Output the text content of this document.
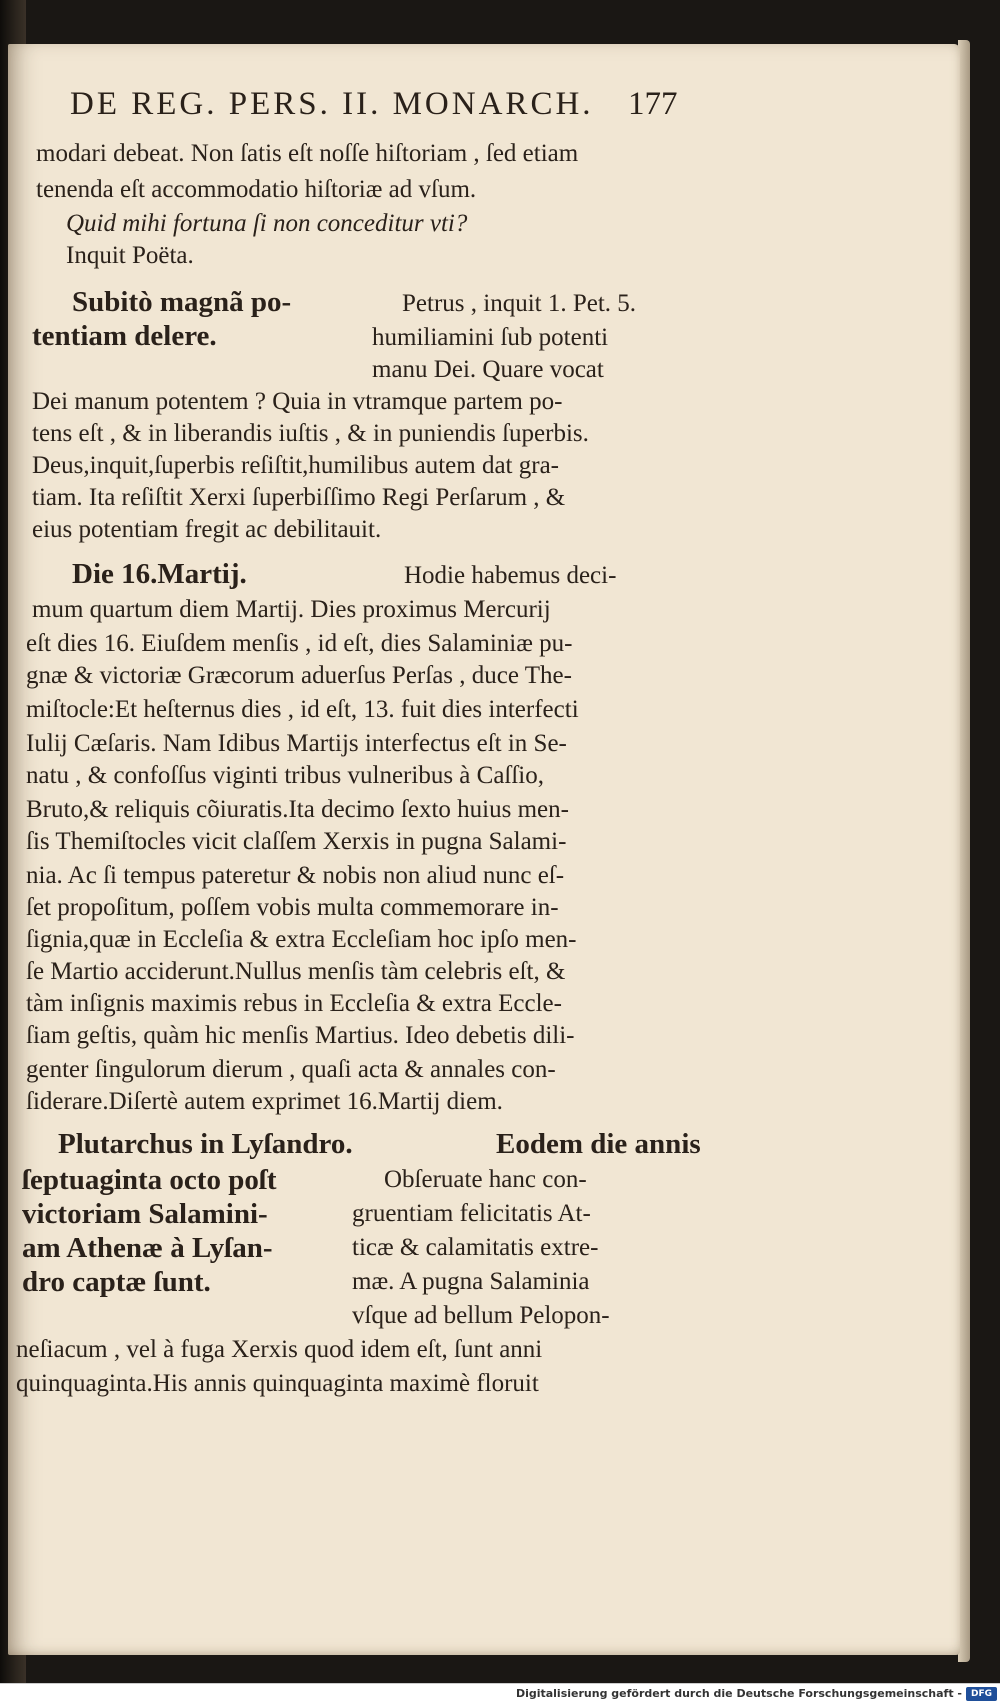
DE REG. PERS. II. MONARCH. 177
modari debeat. Non ſatis eſt noſſe hiſtoriam , ſed etiam
tenenda eſt accommodatio hiſtoriæ ad vſum.
Quid mihi fortuna ſi non conceditur vti?
Inquit Poëta.
Subitò magnã po-
tentiam delere.
Petrus , inquit 1. Pet. 5.
humiliamini ſub potenti
manu Dei. Quare vocat
Dei manum potentem ? Quia in vtramque partem po-
tens eſt , & in liberandis iuſtis , & in puniendis ſuperbis.
Deus,inquit,ſuperbis reſiſtit,humilibus autem dat gra-
tiam. Ita reſiſtit Xerxi ſuperbiſſimo Regi Perſarum , &
eius potentiam fregit ac debilitauit.
Die 16.Martij.	Hodie habemus deci-
mum quartum diem Martij. Dies proximus Mercurij
eſt dies 16. Eiuſdem menſis , id eſt, dies Salaminiæ pu-
gnæ & victoriæ Græcorum aduerſus Perſas , duce The-
miſtocle:Et heſternus dies , id eſt, 13. fuit dies interfecti
Iulij Cæſaris. Nam Idibus Martijs interfectus eſt in Se-
natu , & confoſſus viginti tribus vulneribus à Caſſio,
Bruto,& reliquis cõiuratis.Ita decimo ſexto huius men-
ſis Themiſtocles vicit claſſem Xerxis in pugna Salami-
nia. Ac ſi tempus pateretur & nobis non aliud nunc eſ-
ſet propoſitum, poſſem vobis multa commemorare in-
ſignia,quæ in Eccleſia & extra Eccleſiam hoc ipſo men-
ſe Martio acciderunt.Nullus menſis tàm celebris eſt, &
tàm inſignis maximis rebus in Eccleſia & extra Eccle-
ſiam geſtis, quàm hic menſis Martius. Ideo debetis dili-
genter ſingulorum dierum , quaſi acta & annales con-
ſiderare.Diſertè autem exprimet 16.Martij diem.
Plutarchus in Lyſandro.	Eodem die annis
ſeptuaginta octo poſt
victoriam Salamini-
am Athenæ à Lyſan-
dro captæ ſunt.
Obſeruate hanc con-
gruentiam felicitatis At-
ticæ & calamitatis extre-
mæ. A pugna Salaminia
vſque ad bellum Pelopon-
neſiacum , vel à fuga Xerxis quod idem eſt, ſunt anni
quinquaginta.His annis quinquaginta maximè floruit
Digitalisierung gefördert durch die Deutsche Forschungsgemeinschaft - DFG
